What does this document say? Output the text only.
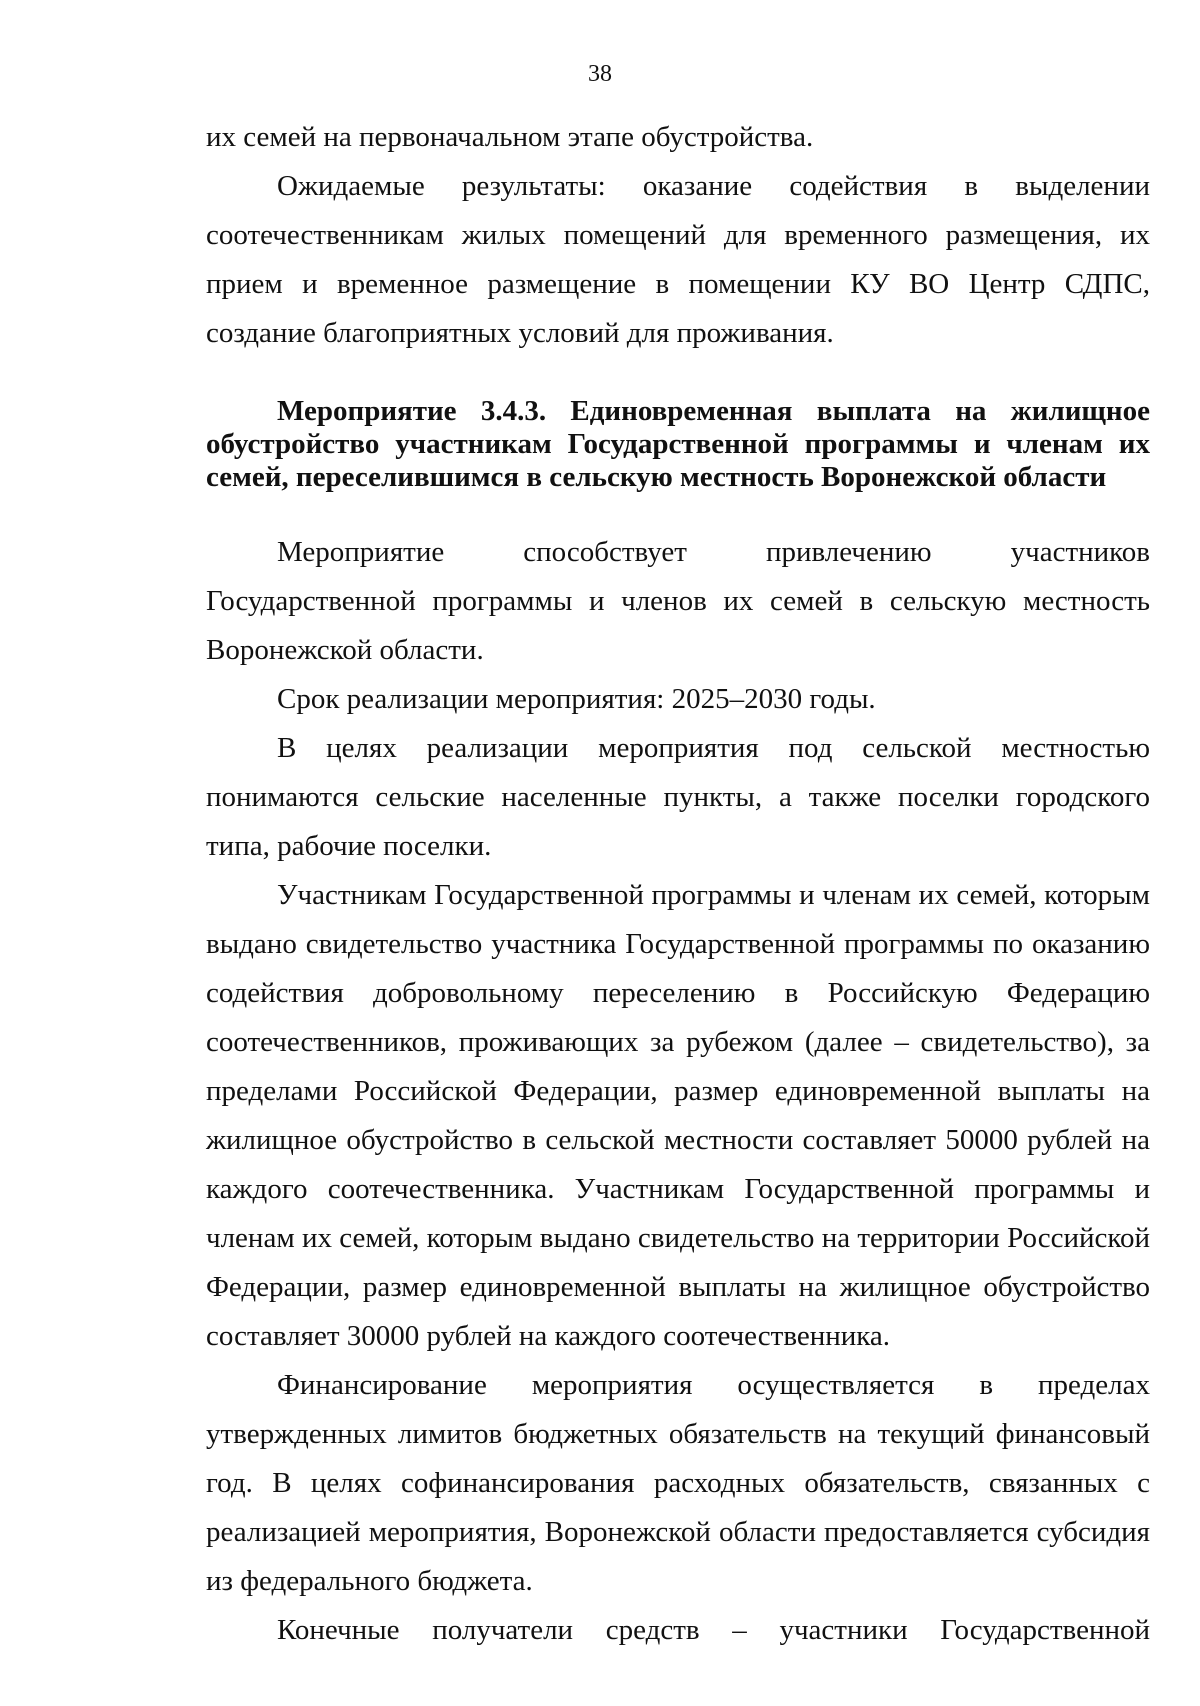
38

их семей на первоначальном этапе обустройства.

Ожидаемые результаты: оказание содействия в выделении соотечественникам жилых помещений для временного размещения, их прием и временное размещение в помещении КУ ВО Центр СДПС, создание благоприятных условий для проживания.

Мероприятие 3.4.3. Единовременная выплата на жилищное обустройство участникам Государственной программы и членам их семей, переселившимся в сельскую местность Воронежской области

Мероприятие способствует привлечению участников Государственной программы и членов их семей в сельскую местность Воронежской области.

Срок реализации мероприятия: 2025–2030 годы.

В целях реализации мероприятия под сельской местностью понимаются сельские населенные пункты, а также поселки городского типа, рабочие поселки.

Участникам Государственной программы и членам их семей, которым выдано свидетельство участника Государственной программы по оказанию содействия добровольному переселению в Российскую Федерацию соотечественников, проживающих за рубежом (далее – свидетельство), за пределами Российской Федерации, размер единовременной выплаты на жилищное обустройство в сельской местности составляет 50000 рублей на каждого соотечественника. Участникам Государственной программы и членам их семей, которым выдано свидетельство на территории Российской Федерации, размер единовременной выплаты на жилищное обустройство составляет 30000 рублей на каждого соотечественника.

Финансирование мероприятия осуществляется в пределах утвержденных лимитов бюджетных обязательств на текущий финансовый год. В целях софинансирования расходных обязательств, связанных с реализацией мероприятия, Воронежской области предоставляется субсидия из федерального бюджета.

Конечные получатели средств – участники Государственной
